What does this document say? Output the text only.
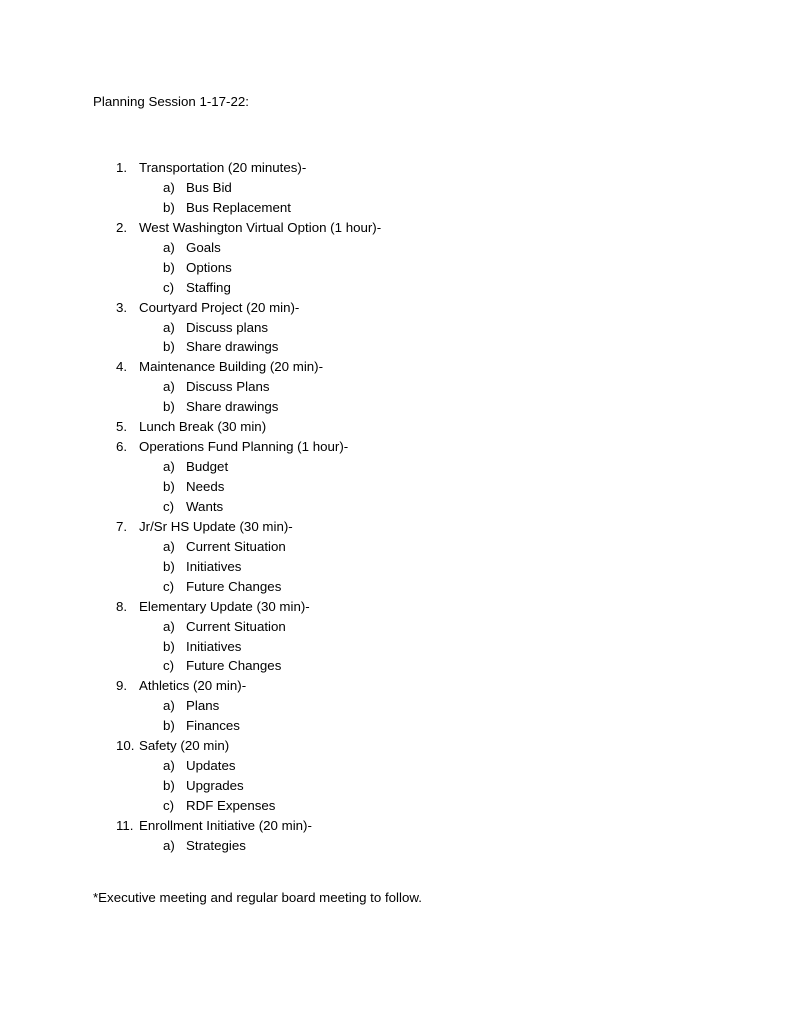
Planning Session 1-17-22:
1. Transportation (20 minutes)-
a) Bus Bid
b) Bus Replacement
2. West Washington Virtual Option (1 hour)-
a) Goals
b) Options
c) Staffing
3. Courtyard Project (20 min)-
a) Discuss plans
b) Share drawings
4. Maintenance Building (20 min)-
a) Discuss Plans
b) Share drawings
5. Lunch Break (30 min)
6. Operations Fund Planning (1 hour)-
a) Budget
b) Needs
c) Wants
7. Jr/Sr HS Update (30 min)-
a) Current Situation
b) Initiatives
c) Future Changes
8. Elementary Update (30 min)-
a) Current Situation
b) Initiatives
c) Future Changes
9. Athletics (20 min)-
a) Plans
b) Finances
10. Safety (20 min)
a) Updates
b) Upgrades
c) RDF Expenses
11. Enrollment Initiative (20 min)-
a) Strategies
*Executive meeting and regular board meeting to follow.
